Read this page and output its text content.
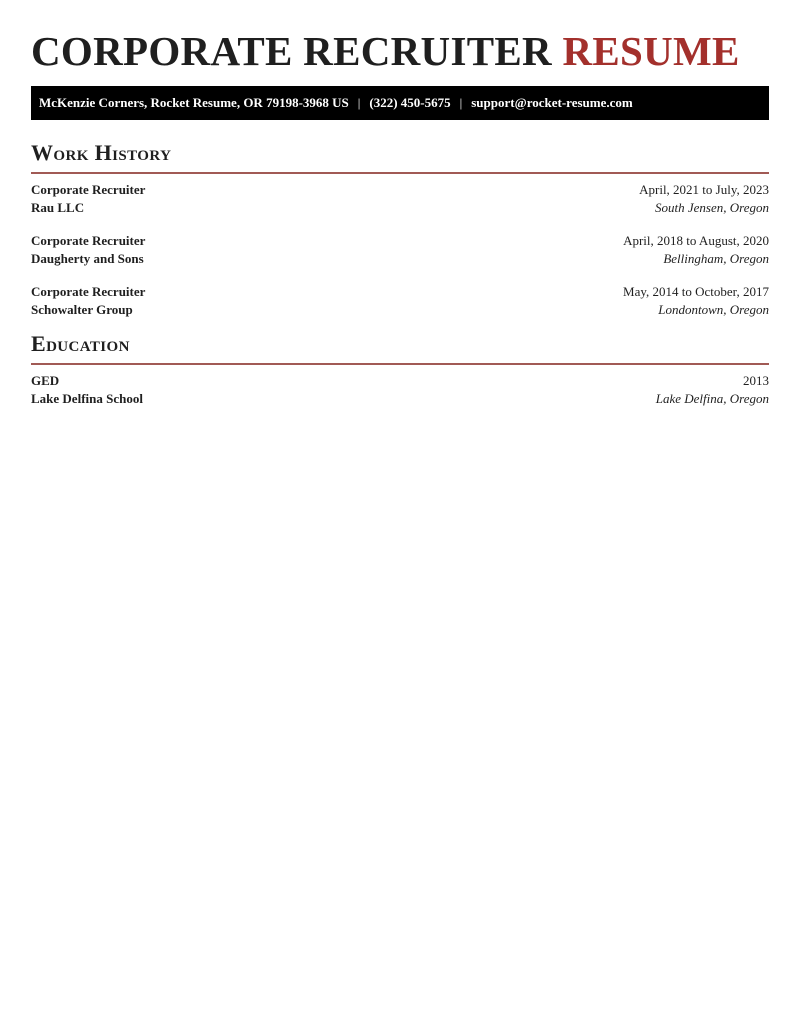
CORPORATE RECRUITER RESUME
McKenzie Corners, Rocket Resume, OR 79198-3968 US | (322) 450-5675 | support@rocket-resume.com
Work History
Corporate Recruiter	April, 2021 to July, 2023
Rau LLC	South Jensen, Oregon
Corporate Recruiter	April, 2018 to August, 2020
Daugherty and Sons	Bellingham, Oregon
Corporate Recruiter	May, 2014 to October, 2017
Schowalter Group	Londontown, Oregon
Education
GED	2013
Lake Delfina School	Lake Delfina, Oregon
